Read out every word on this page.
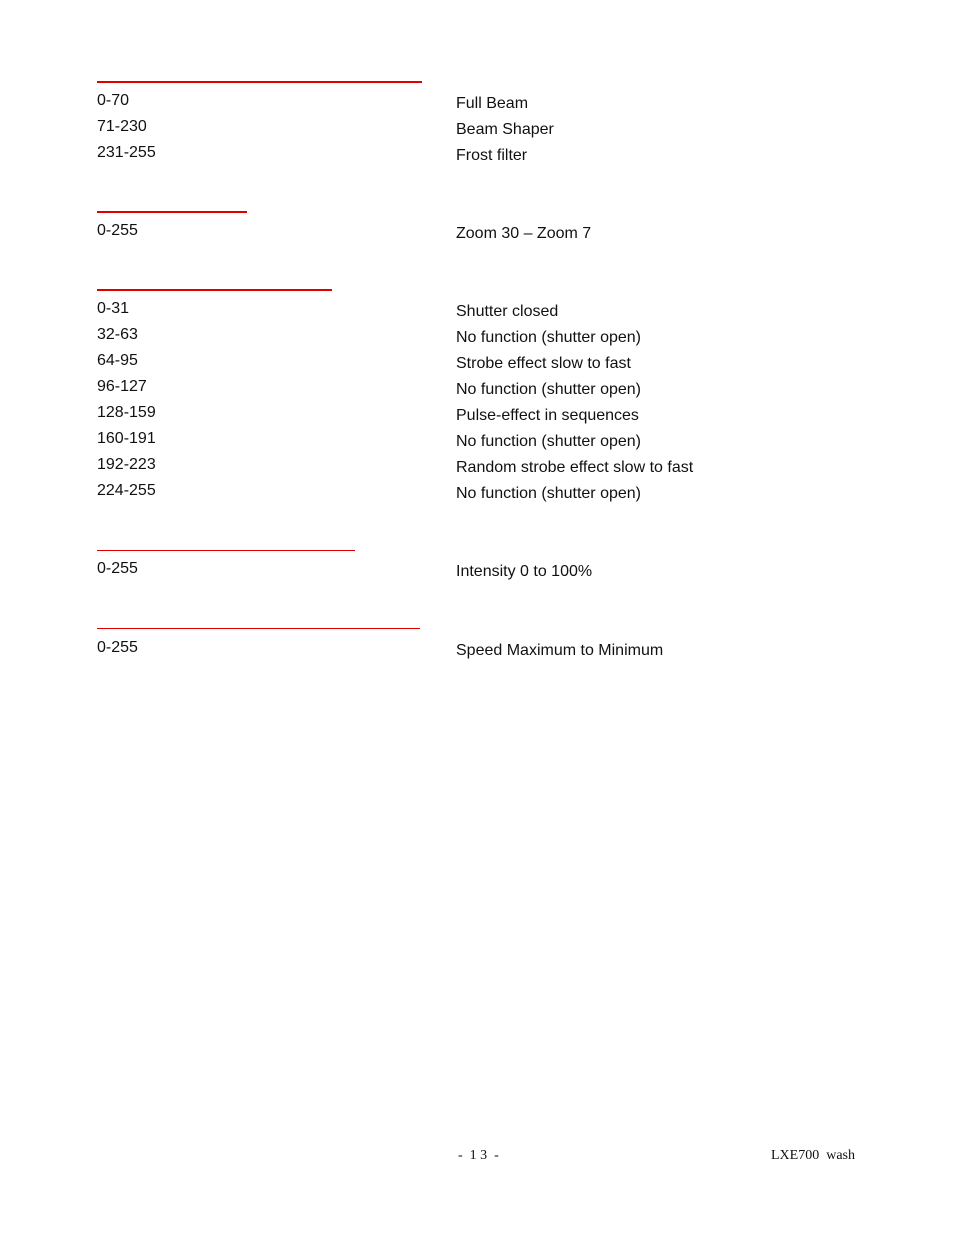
0-70	Full Beam
71-230	Beam Shaper
231-255	Frost filter
0-255	Zoom 30 – Zoom 7
0-31	Shutter closed
32-63	No function (shutter open)
64-95	Strobe effect slow to fast
96-127	No function (shutter open)
128-159	Pulse-effect in sequences
160-191	No function (shutter open)
192-223	Random strobe effect slow to fast
224-255	No function (shutter open)
0-255	Intensity 0 to 100%
0-255	Speed Maximum to Minimum
-  1 3  -	LXE700  wash
